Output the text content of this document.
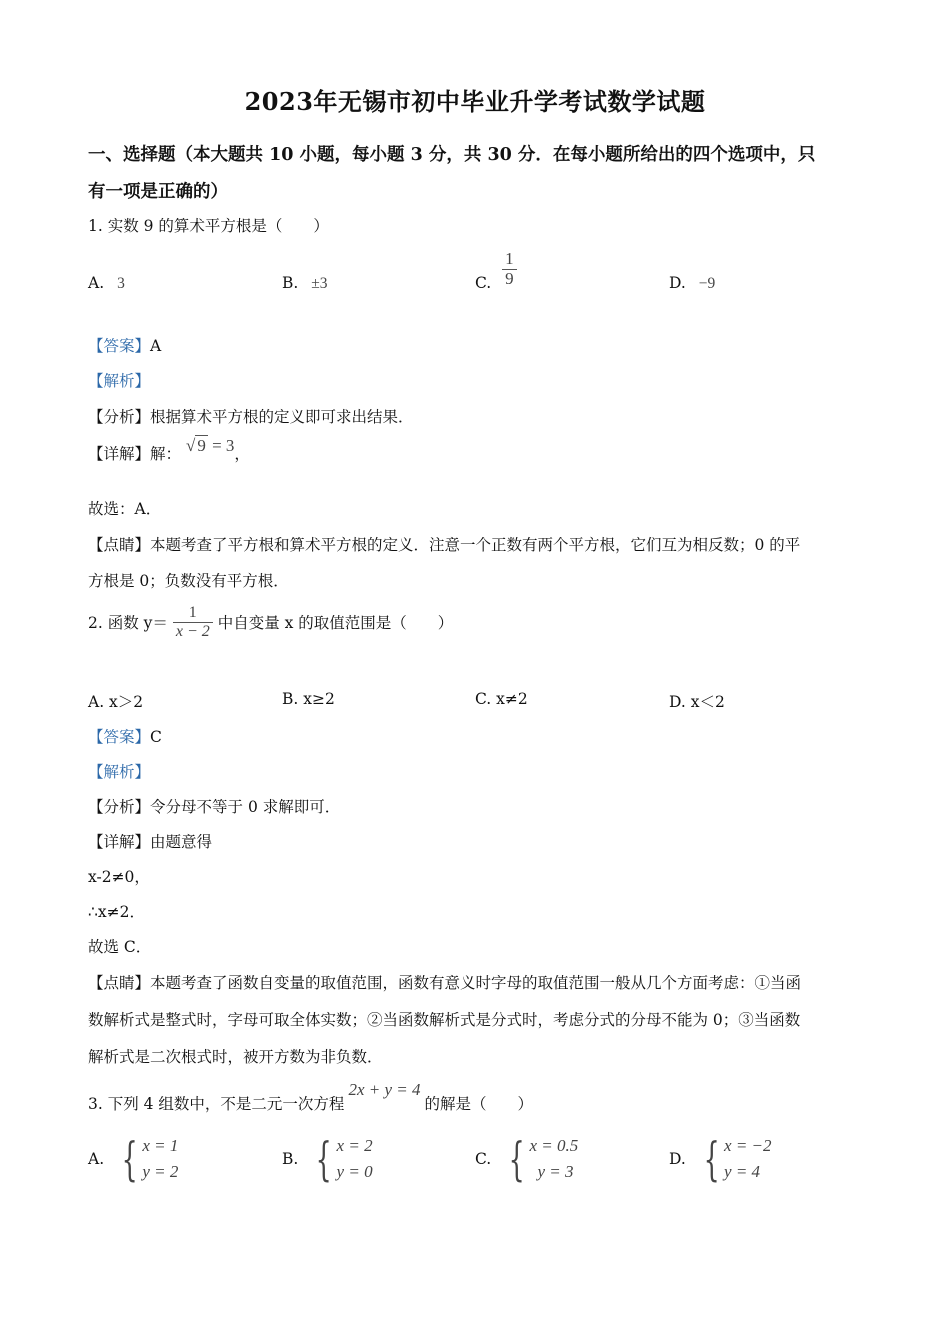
2023年无锡市初中毕业升学考试数学试题
一、选择题（本大题共 10 小题，每小题 3 分，共 30 分．在每小题所给出的四个选项中，只
有一项是正确的）
1. 实数 9 的算术平方根是（　　）
A. 3	B. ±3	C. $\frac{1}{9}$	D. −9
【答案】A
【解析】
【分析】根据算术平方根的定义即可求出结果．
【详解】解： √ 9 = 3，
故选：A．
【点睛】本题考查了平方根和算术平方根的定义．注意一个正数有两个平方根，它们互为相反数；0 的平
方根是 0；负数没有平方根．
2. 函数 $y= \frac{1}{x - 2}$ 中自变量 x 的取值范围是（　　）
A. x＞2	B. x≥2	C. x≠2	D. x＜2
【答案】C
【解析】
【分析】令分母不等于 0 求解即可．
【详解】由题意得
x-2≠0，
∴x≠2．
故选 C．
【点睛】本题考查了函数自变量的取值范围，函数有意义时字母的取值范围一般从几个方面考虑：①当函
数解析式是整式时，字母可取全体实数；②当函数解析式是分式时，考虑分式的分母不能为 0；③当函数
解析式是二次根式时，被开方数为非负数．
3. 下列 4 组数中，不是二元一次方程2x + y = 4的解是（　　）
A. { x = 1
y = 2
B. { x = 2
y = 0
C. { x = 0.5
y = 3
D. { x = −2
y = 4
